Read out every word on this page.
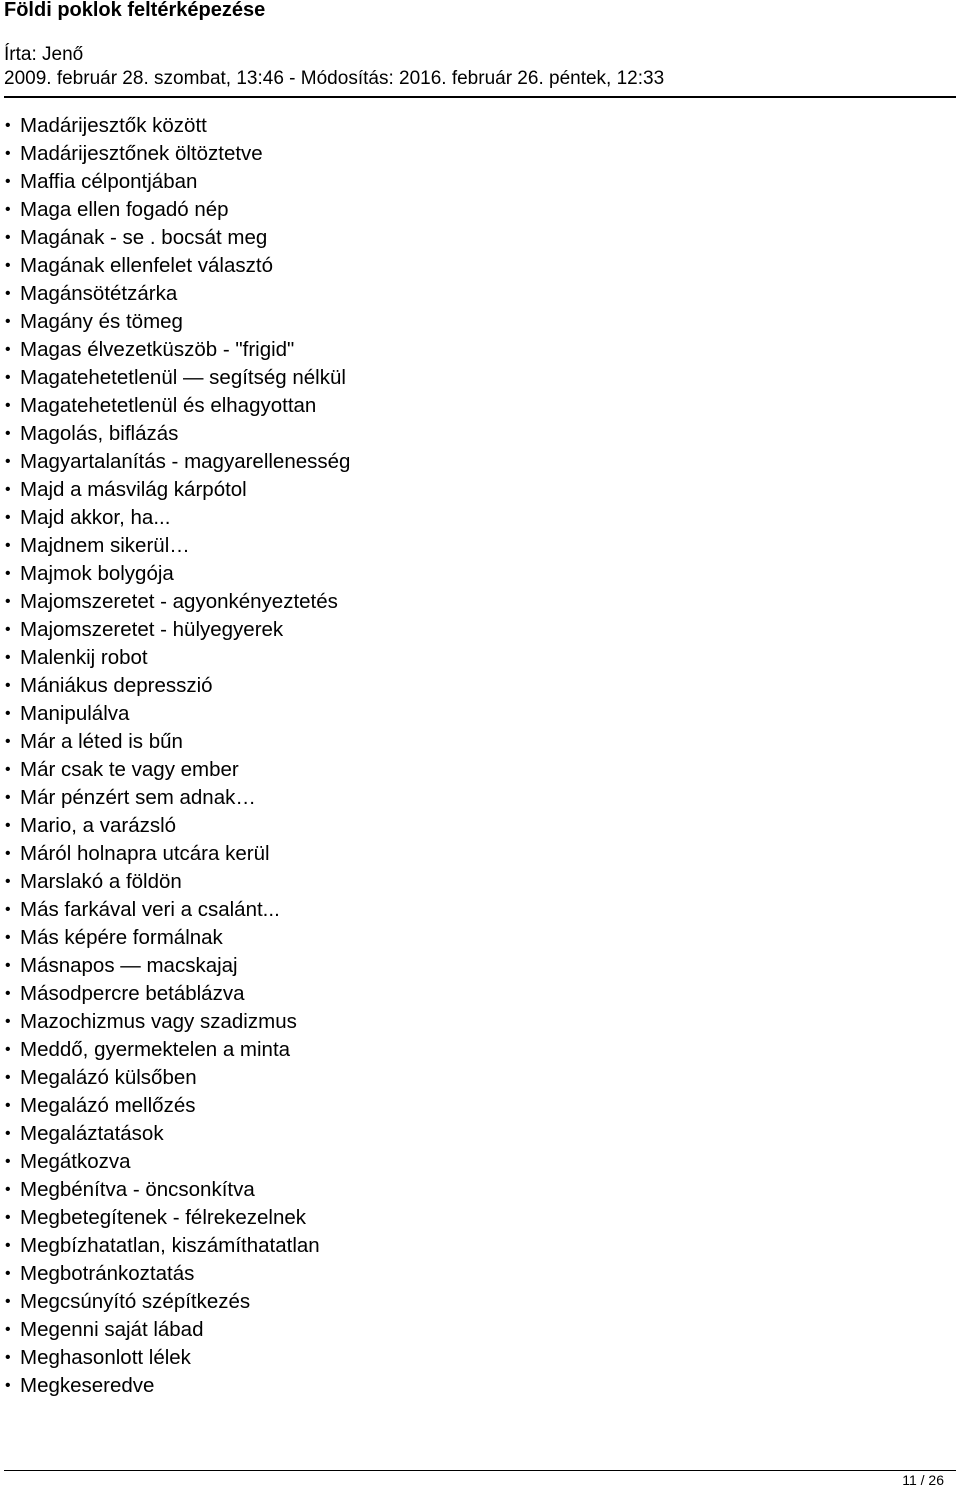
Földi poklok feltérképezése
Írta: Jenő
2009. február 28. szombat, 13:46 - Módosítás: 2016. február 26. péntek, 12:33
• Madárijesztők között
• Madárijesztőnek öltöztetve
• Maffia célpontjában
• Maga ellen fogadó nép
• Magának - se . bocsát meg
• Magának ellenfelet választó
• Magánsötétzárka
• Magány és tömeg
• Magas élvezetküszöb - "frigid"
• Magatehetetlenül ― segítség nélkül
• Magatehetetlenül és elhagyottan
• Magolás, biflázás
• Magyartalanítás - magyarellenesség
• Majd a másvilág kárpótol
• Majd akkor, ha...
• Majdnem sikerül…
• Majmok bolygója
• Majomszeretet - agyonkényeztetés
• Majomszeretet - hülyegyerek
• Malenkij robot
• Mániákus depresszió
• Manipulálva
• Már a léted is bűn
• Már csak te vagy ember
• Már pénzért sem adnak…
• Mario, a varázsló
• Máról holnapra utcára kerül
• Marslakó a földön
• Más farkával veri a csalánt...
• Más képére formálnak
• Másnapos ― macskajaj
• Másodpercre betáblázva
• Mazochizmus vagy szadizmus
• Meddő, gyermektelen a minta
• Megalázó külsőben
• Megalázó mellőzés
• Megaláztatások
• Megátkozva
• Megbénítva - öncsonkítva
• Megbetegítenek - félrekezelnek
• Megbízhatatlan, kiszámíthatatlan
• Megbotránkoztatás
• Megcsúnyító szépítkezés
• Megenni saját lábad
• Meghasonlott lélek
• Megkeseredve
11 / 26
